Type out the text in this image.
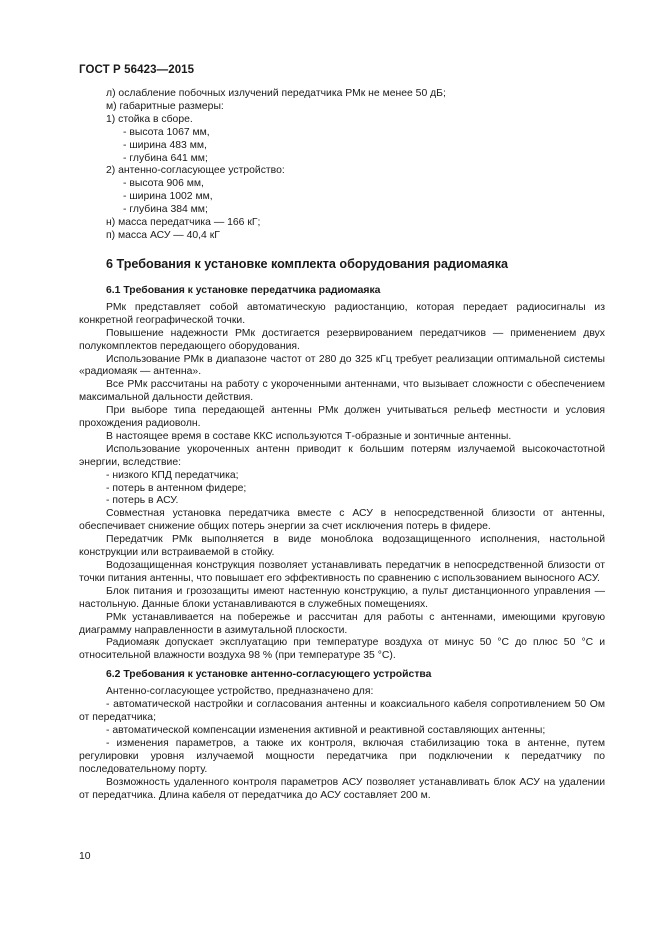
ГОСТ Р 56423—2015

л) ослабление побочных излучений передатчика РМк не менее 50 дБ;

м) габаритные размеры:

1) стойка в сборе.

- высота 1067 мм,

- ширина 483 мм,

- глубина 641 мм;

2) антенно-согласующее устройство:

- высота 906 мм,

- ширина 1002 мм,

- глубина 384 мм;

н) масса передатчика — 166 кГ;

п) масса АСУ — 40,4 кГ

6 Требования к установке комплекта оборудования радиомаяка
6.1 Требования к установке передатчика радиомаяка

РМк представляет собой автоматическую радиостанцию, которая передает радиосигналы из конкретной географической точки.

Повышение надежности РМк достигается резервированием передатчиков — применением двух полукомплектов передающего оборудования.

Использование РМк в диапазоне частот от 280 до 325 кГц требует реализации оптимальной системы «радиомаяк — антенна».

Все РМк рассчитаны на работу с укороченными антеннами, что вызывает сложности с обеспечением максимальной дальности действия.

При выборе типа передающей антенны РМк должен учитываться рельеф местности и условия прохождения радиоволн.

В настоящее время в составе ККС используются Т-образные и зонтичные антенны.

Использование укороченных антенн приводит к большим потерям излучаемой высокочастотной энергии, вследствие:

- низкого КПД передатчика;

- потерь в антенном фидере;

- потерь в АСУ.

Совместная установка передатчика вместе с АСУ в непосредственной близости от антенны, обеспечивает снижение общих потерь энергии за счет исключения потерь в фидере.

Передатчик РМк выполняется в виде моноблока водозащищенного исполнения, настольной конструкции или встраиваемой в стойку.

Водозащищенная конструкция позволяет устанавливать передатчик в непосредственной близости от точки питания антенны, что повышает его эффективность по сравнению с использованием выносного АСУ.

Блок питания и грозозащиты имеют настенную конструкцию, а пульт дистанционного управления — настольную. Данные блоки устанавливаются в служебных помещениях.

РМк устанавливается на побережье и рассчитан для работы с антеннами, имеющими круговую диаграмму направленности в азимутальной плоскости.

Радиомаяк допускает эксплуатацию при температуре воздуха от минус 50 °С до плюс 50 °С и относительной влажности воздуха 98 % (при температуре 35 °С).

6.2 Требования к установке антенно-согласующего устройства

Антенно-согласующее устройство, предназначено для:

- автоматической настройки и согласования антенны и коаксиального кабеля сопротивлением 50 Ом от передатчика;

- автоматической компенсации изменения активной и реактивной составляющих антенны;

- изменения параметров, а также их контроля, включая стабилизацию тока в антенне, путем регулировки уровня излучаемой мощности передатчика при подключении к передатчику по последовательному порту.

Возможность удаленного контроля параметров АСУ позволяет устанавливать блок АСУ на удалении от передатчика. Длина кабеля от передатчика до АСУ составляет 200 м.

10
